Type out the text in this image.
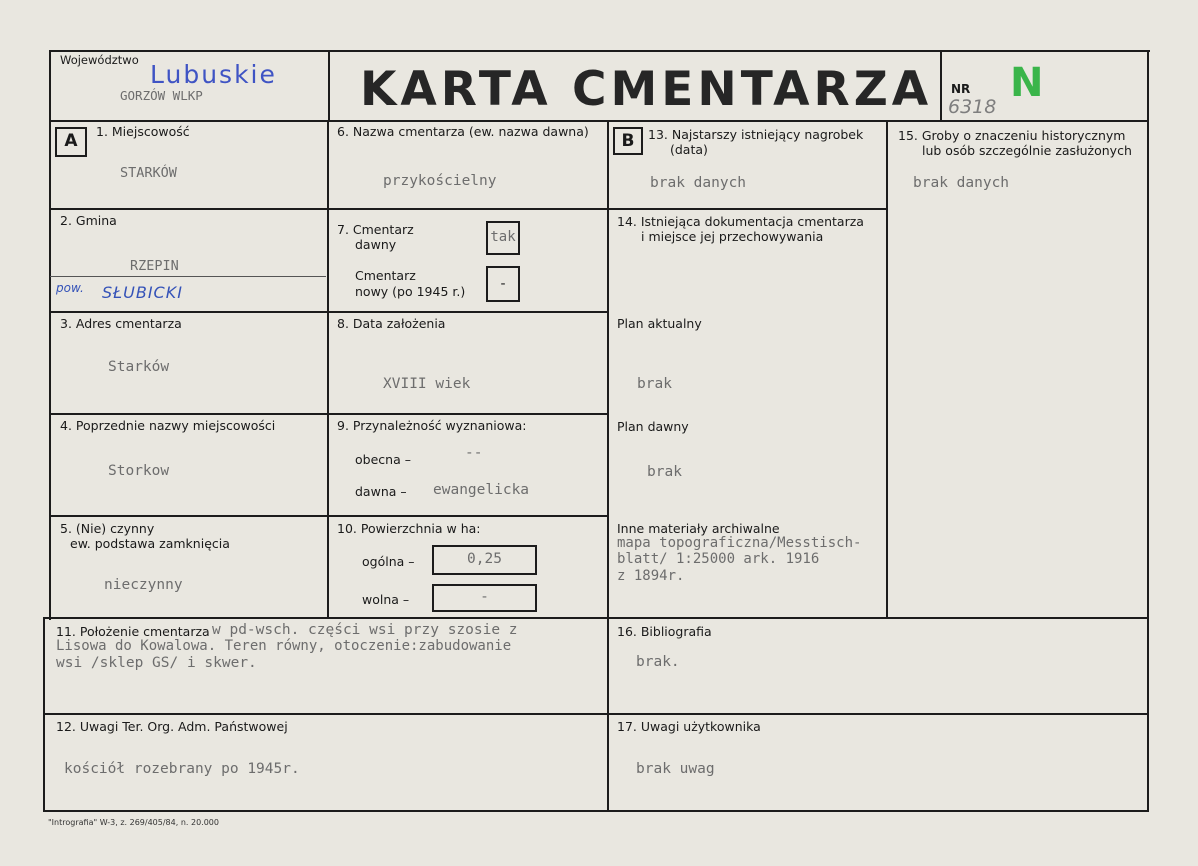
Województwo Lubuskie
GORZÓW WLKP	KARTA CMENTARZA NR
6318
N
A	1. Miejscowość
STARKÓW
2. Gmina
RZEPIN
pow. SŁUBICKI
3. Adres cmentarza
Starków
4. Poprzednie nazwy miejscowości
Storkow
5. (Nie) czynny
ew. podstawa zamknięcia
nieczynny
6. Nazwa cmentarza (ew. nazwa dawna)
przykościelny
7. Cmentarz
dawny	tak
Cmentarz
nowy (po 1945 r.)	-
8. Data założenia
XVIII wiek
9. Przynależność wyznaniowa:
obecna –	--
dawna – ewangelicka
10. Powierzchnia w ha:
ogólna –	0,25
wolna –	-
B	13. Najstarszy istniejący nagrobek
(data)
brak danych
14. Istniejąca dokumentacja cmentarza
i miejsce jej przechowywania
Plan aktualny
brak
Plan dawny
brak
Inne materiały archiwalne
mapa topograficzna/Messtisch-
blatt/ 1:25000 ark. 1916
z 1894r.
15. Groby o znaczeniu historycznym
lub osób szczególnie zasłużonych
brak danych
11. Położenie cmentarza w pd-wsch. części wsi przy szosie z
Lisowa do Kowalowa. Teren równy, otoczenie:zabudowanie
wsi /sklep GS/ i skwer.
16. Bibliografia
brak.
12. Uwagi Ter. Org. Adm. Państwowej
kościół rozebrany po 1945r.
17. Uwagi użytkownika
brak uwag
"Intrografia" W-3, z. 269/405/84, n. 20.000
